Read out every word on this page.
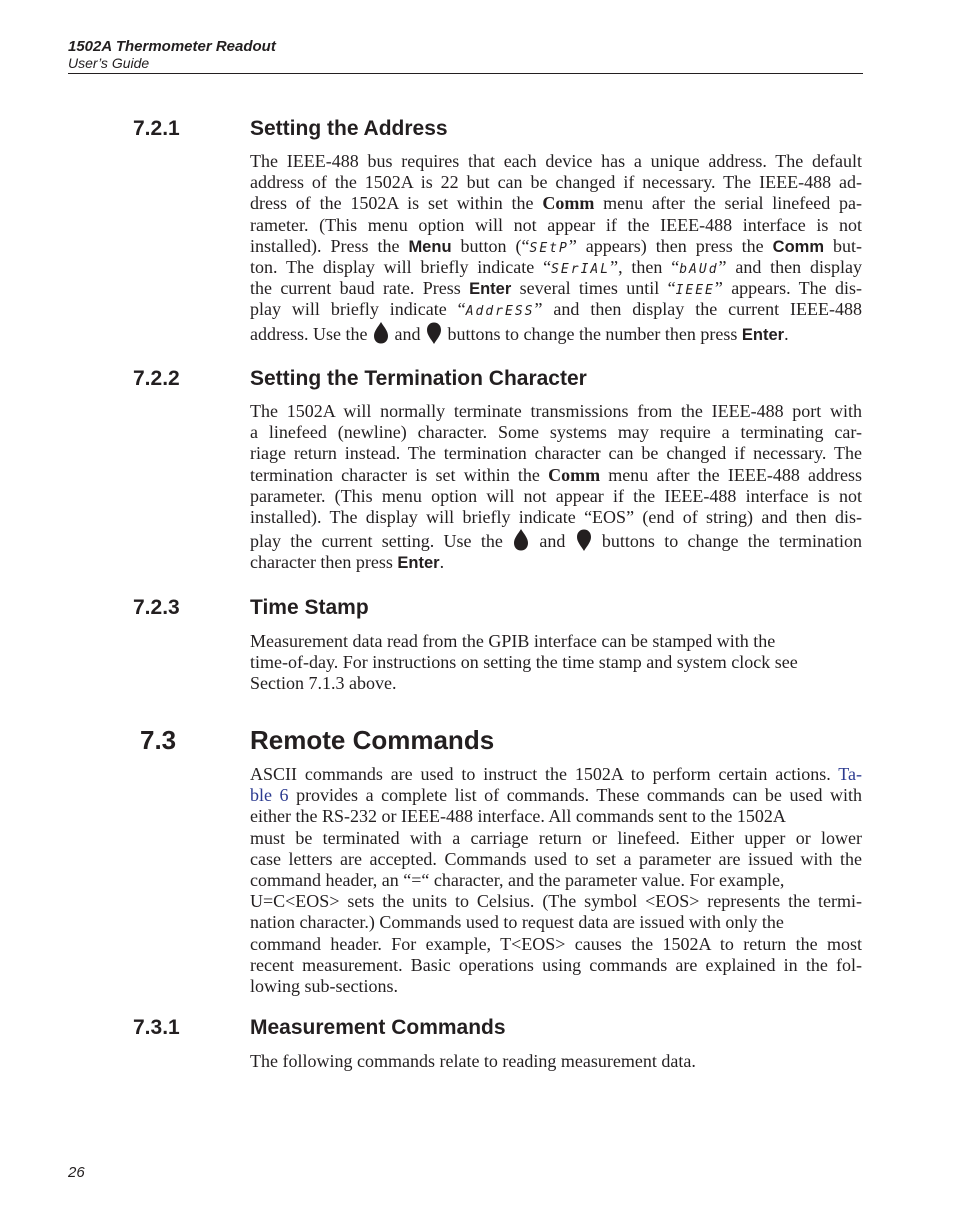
1502A Thermometer Readout
User’s Guide
7.2.1	Setting the Address
The IEEE-488 bus requires that each device has a unique address. The default
address of the 1502A is 22 but can be changed if necessary. The IEEE-488 ad-
dress of the 1502A is set within the Comm menu after the serial linefeed pa-
rameter. (This menu option will not appear if the IEEE-488 interface is not
installed). Press the Menu button (“SEtP” appears) then press the Comm but-
ton. The display will briefly indicate “SErIAL”, then “bAUd” and then display
the current baud rate. Press Enter several times until “IEEE” appears. The dis-
play will briefly indicate “AddrESS” and then display the current IEEE-488
address. Use the  and  buttons to change the number then press Enter.
7.2.2	Setting the Termination Character
The 1502A will normally terminate transmissions from the IEEE-488 port with
a linefeed (newline) character. Some systems may require a terminating car-
riage return instead. The termination character can be changed if necessary. The
termination character is set within the Comm menu after the IEEE-488 address
parameter. (This menu option will not appear if the IEEE-488 interface is not
installed). The display will briefly indicate “EOS” (end of string) and then dis-
play the current setting. Use the  and  buttons to change the termination
character then press Enter.
7.2.3	Time Stamp
Measurement data read from the GPIB interface can be stamped with the
time-of-day. For instructions on setting the time stamp and system clock see
Section 7.1.3 above.
7.3	Remote Commands
ASCII commands are used to instruct the 1502A to perform certain actions. Ta-
ble 6 provides a complete list of commands. These commands can be used with
either the RS-232 or IEEE-488 interface. All commands sent to the 1502A
must be terminated with a carriage return or linefeed. Either upper or lower
case letters are accepted. Commands used to set a parameter are issued with the
command header, an “=“ character, and the parameter value. For example,
U=C<EOS> sets the units to Celsius. (The symbol <EOS> represents the termi-
nation character.) Commands used to request data are issued with only the
command header. For example, T<EOS> causes the 1502A to return the most
recent measurement. Basic operations using commands are explained in the fol-
lowing sub-sections.
7.3.1	Measurement Commands
The following commands relate to reading measurement data.
26
